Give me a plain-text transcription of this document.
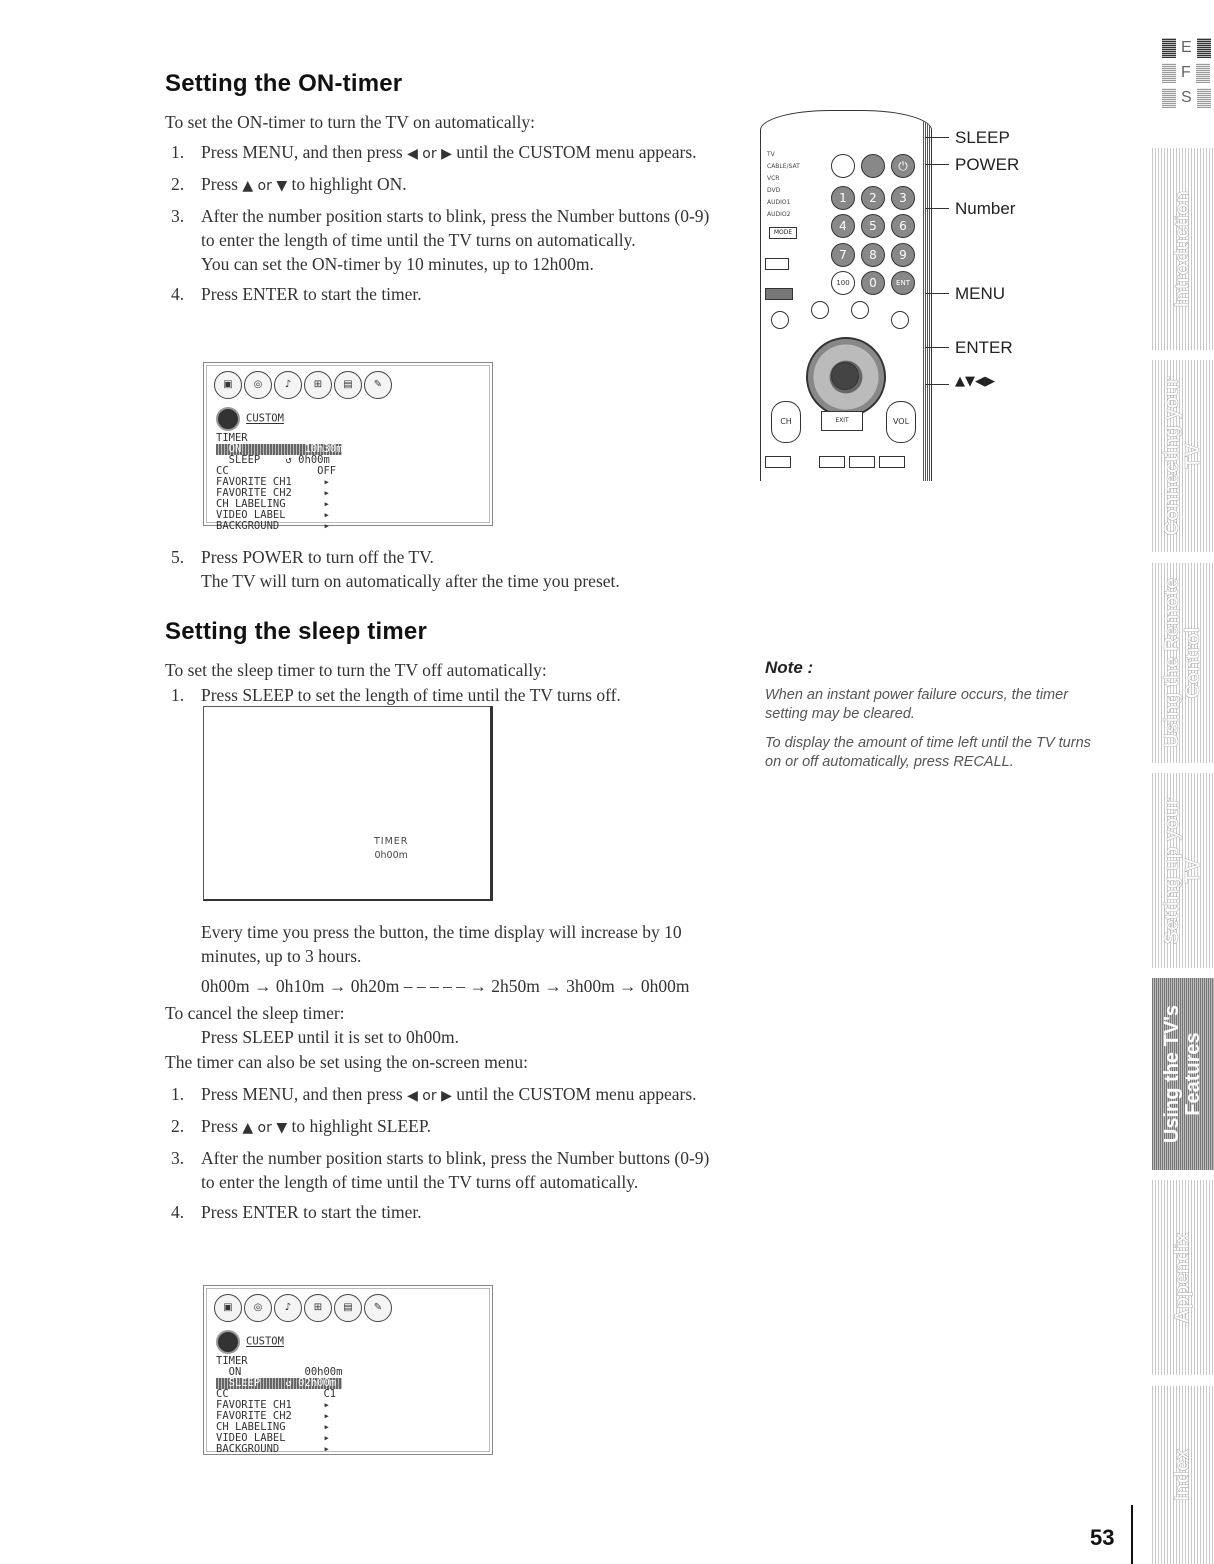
Setting the ON-timer

To set the ON-timer to turn the TV on automatically:

1. Press MENU, and then press ◀ or ▶ until the CUSTOM menu appears.
2. Press ▲ or ▼ to highlight ON.
3. After the number position starts to blink, press the Number buttons (0-9) to enter the length of time until the TV turns on automatically.
You can set the ON-timer by 10 minutes, up to 12h00m.
4. Press ENTER to start the timer.
▣	◎	♪	⊞	▤	✎
CUSTOM
TIMER
ON          10h30m
SLEEP    ↺ 0h00m
CC              OFF
FAVORITE CH1     ▸
FAVORITE CH2     ▸
CH LABELING      ▸
VIDEO LABEL      ▸
BACKGROUND       ▸
5. Press POWER to turn off the TV.
The TV will turn on automatically after the time you preset.
TV
CABLE/SAT
VCR
DVD
AUDIO1
AUDIO2
MODE
⏻
1	2	3
4	5	6
7	8	9
100	0	ENT
CH	VOL
EXIT
SLEEP
POWER
Number
MENU
ENTER
▲▼◀▶
Note :

When an instant power failure occurs, the timer setting may be cleared.

To display the amount of time left until the TV turns on or off automatically, press RECALL.

Setting the sleep timer

To set the sleep timer to turn the TV off automatically:

1. Press SLEEP to set the length of time until the TV turns off.
TIMER
0h00m

Every time you press the button, the time display will increase by 10 minutes, up to 3 hours.

0h00m → 0h10m → 0h20m – – – – – → 2h50m → 3h00m → 0h00m

To cancel the sleep timer:

Press SLEEP until it is set to 0h00m.

The timer can also be set using the on-screen menu:

1. Press MENU, and then press ◀ or ▶ until the CUSTOM menu appears.
2. Press ▲ or ▼ to highlight SLEEP.
3. After the number position starts to blink, press the Number buttons (0-9) to enter the length of time until the TV turns off automatically.
4. Press ENTER to start the timer.
▣	◎	♪	⊞	▤	✎
CUSTOM
TIMER
ON          00h00m
SLEEP    ↺ 02h00m
CC               C1
FAVORITE CH1     ▸
FAVORITE CH2     ▸
CH LABELING      ▸
VIDEO LABEL      ▸
BACKGROUND       ▸
E
F
S
Introduction
Connecting your TV
Using the Remote Control
Setting up your TV
Using the TV's Features
Appendix
Index
53
